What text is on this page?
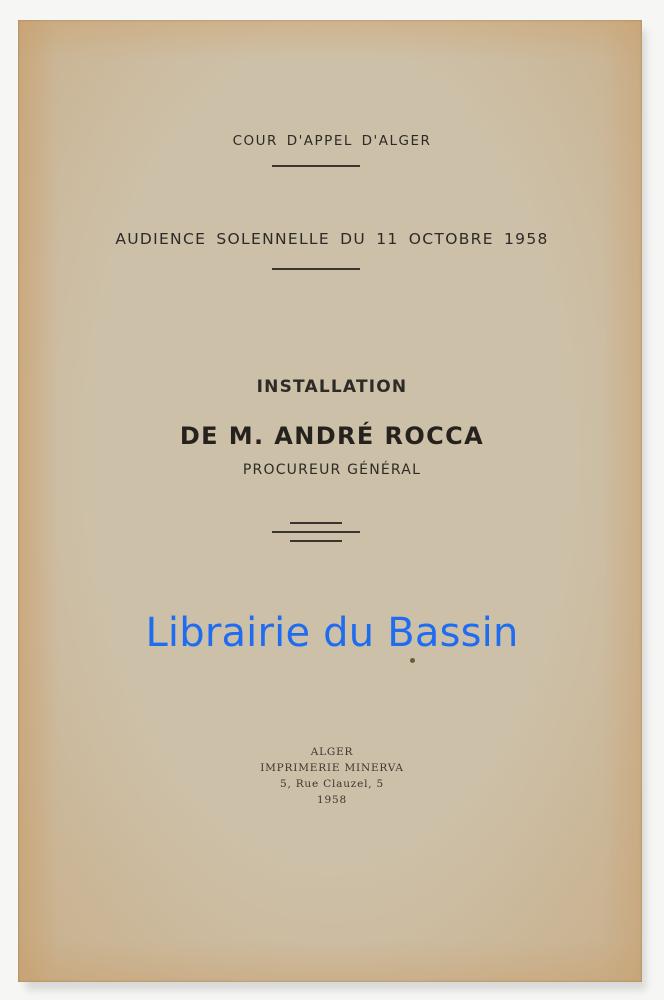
COUR D'APPEL D'ALGER
AUDIENCE SOLENNELLE DU 11 OCTOBRE 1958
INSTALLATION
DE M. ANDRÉ ROCCA
PROCUREUR GÉNÉRAL
Librairie du Bassin
ALGER
IMPRIMERIE MINERVA
5, Rue Clauzel, 5
1958
